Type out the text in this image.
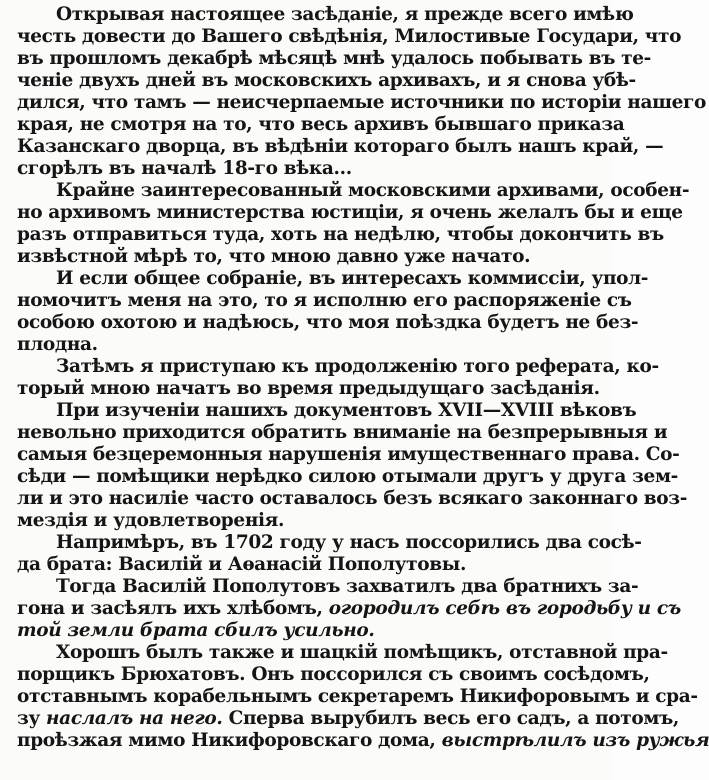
Открывая настоящее засѣданіе, я прежде всего имѣю
честь довести до Вашего свѣдѣнія, Милостивые Государи, что
въ прошломъ декабрѣ мѣсяцѣ мнѣ удалось побывать въ те-
ченіе двухъ дней въ московскихъ архивахъ, и я снова убѣ-
дился, что тамъ — неисчерпаемые источники по исторіи нашего
края, не смотря на то, что весь архивъ бывшаго приказа
Казанскаго дворца, въ вѣдѣніи котораго былъ нашъ край, —
сгорѣлъ въ началѣ 18-го вѣка...
Крайне заинтересованный московскими архивами, особен-
но архивомъ министерства юстиціи, я очень желалъ бы и еще
разъ отправиться туда, хоть на недѣлю, чтобы докончить въ
извѣстной мѣрѣ то, что мною давно уже начато.
И если общее собраніе, въ интересахъ коммиссіи, упол-
номочитъ меня на это, то я исполню его распоряженіе съ
особою охотою и надѣюсь, что моя поѣздка будетъ не без-
плодна.
Затѣмъ я приступаю къ продолженію того реферата, ко-
торый мною начатъ во время предыдущаго засѣданія.
При изученіи нашихъ документовъ XVII—XVIII вѣковъ
невольно приходится обратить вниманіе на безпрерывныя и
самыя безцеремонныя нарушенія имущественнаго права. Со-
сѣди — помѣщики нерѣдко силою отымали другъ у друга зем-
ли и это насиліе часто оставалось безъ всякаго законнаго воз-
мездія и удовлетворенія.
Напримѣръ, въ 1702 году у насъ поссорились два сосѣ-
да брата: Василій и Аѳанасій Пополутовы.
Тогда Василій Пополутовъ захватилъ два братнихъ за-
гона и засѣялъ ихъ хлѣбомъ, огородилъ себѣ въ городьбу и съ
той земли брата сбилъ усильно.
Хорошъ былъ также и шацкій помѣщикъ, отставной пра-
порщикъ Брюхатовъ. Онъ поссорился съ своимъ сосѣдомъ,
отставнымъ корабельнымъ секретаремъ Никифоровымъ и сра-
зу наслалъ на него. Сперва вырубилъ весь его садъ, а потомъ,
проѣзжая мимо Никифоровскаго дома, выстрѣлилъ изъ ружья
